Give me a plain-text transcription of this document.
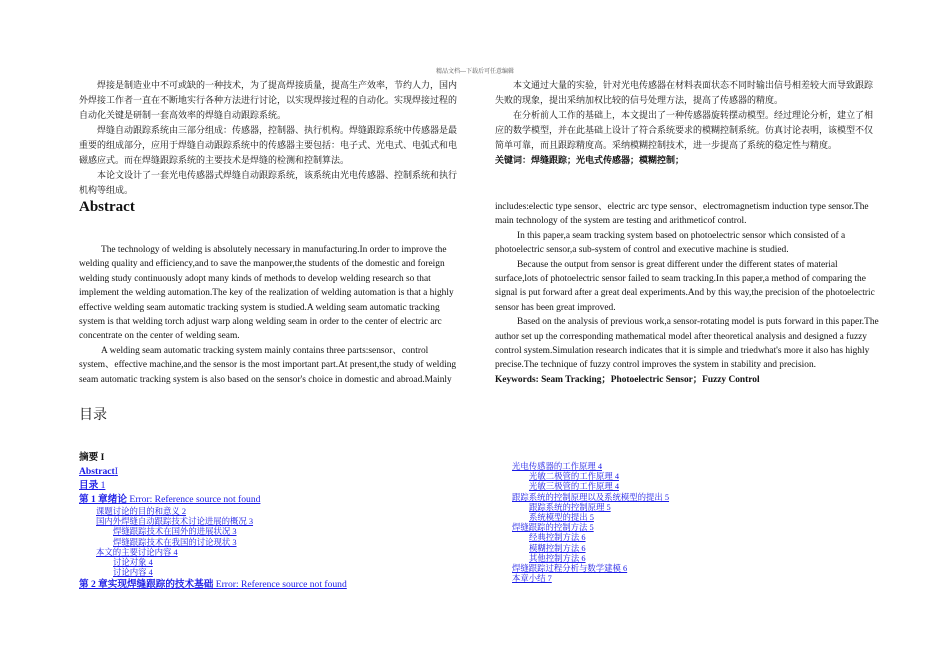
精品文档---下载后可任意编辑

焊接是制造业中不可或缺的一种技术，为了提高焊接质量，提高生产效率，节约人力，国内外焊接工作者一直在不断地实行各种方法进行讨论，以实现焊接过程的自动化。实现焊接过程的自动化关键是研制一套高效率的焊缝自动跟踪系统。

焊缝自动跟踪系统由三部分组成：传感器，控制器、执行机构。焊缝跟踪系统中传感器是最重要的组成部分，应用于焊缝自动跟踪系统中的传感器主要包括：电子式、光电式、电弧式和电磁感应式。而在焊缝跟踪系统的主要技术是焊缝的检测和控制算法。

本论文设计了一套光电传感器式焊缝自动跟踪系统，该系统由光电传感器、控制系统和执行机构等组成。

本文通过大量的实验，针对光电传感器在材料表面状态不同时输出信号相差较大而导致跟踪失败的现象，提出采纳加权比较的信号处理方法，提高了传感器的精度。

在分析前人工作的基础上，本文提出了一种传感器旋转摆动模型。经过理论分析，建立了相应的数学模型，并在此基础上设计了符合系统要求的模糊控制系统。仿真讨论表明，该模型不仅简单可靠，而且跟踪精度高。采纳模糊控制技术，进一步提高了系统的稳定性与精度。

关键词：焊缝跟踪；光电式传感器；模糊控制；

Abstract

The technology of welding is absolutely necessary in manufacturing.In order to improve the welding quality and efficiency,and to save the manpower,the students of the domestic and foreign welding study continuously adopt many kinds of methods to develop welding research so that implement the welding automation.The key of the realization of welding automation is that a highly effective welding seam automatic tracking system is studied.A welding seam automatic tracking system is that welding torch adjust warp along welding seam in order to the center of electric arc concentrate on the center of welding seam.

A welding seam automatic tracking system mainly contains three parts:sensor、control system、effective machine,and the sensor is the most important part.At present,the study of welding seam automatic tracking system is also based on the sensor's choice in domestic and abroad.Mainly

includes:electic type sensor、electric arc type sensor、electromagnetism induction type sensor.The main technology of the system are testing and arithmeticof control.

In this paper,a seam tracking system based on photoelectric sensor which consisted of a photoelectric sensor,a sub-system of control and executive machine is studied.

Because the output from sensor is great different under the different states of material surface,lots of photoelectric sensor failed to seam tracking.In this paper,a method of comparing the signal is put forward after a great deal experiments.And by this way,the precision of the photoelectric sensor has been great improved.

Based on the analysis of previous work,a sensor-rotating model is puts forward in this paper.The author set up the corresponding mathematical model after theoretical analysis and designed a fuzzy control system.Simulation research indicates that it is simple and triedwhat's more it also has highly precise.The technique of fuzzy control improves the system in stability and precision.

Keywords: Seam Tracking；Photoelectric Sensor；Fuzzy Control

目录
摘要 I
AbstractI
目录 1
第 1 章绪论 Error: Reference source not found
课题讨论的目的和意义 2
国内外焊缝自动跟踪技术讨论进展的概况 3
焊缝跟踪技术在国外的进展状况 3
焊缝跟踪技术在我国的讨论现状 3
本文的主要讨论内容 4
讨论对象 4
讨论内容 4
第 2 章实现焊缝跟踪的技术基础 Error: Reference source not found
光电传感器的工作原理 4
光敏二极管的工作原理 4
光敏三极管的工作原理 4
跟踪系统的控制原理以及系统模型的提出 5
跟踪系统的控制原理 5
系统模型的提出 5
焊缝跟踪的控制方法 5
经典控制方法 6
模糊控制方法 6
其他控制方法 6
焊缝跟踪过程分析与数学建模 6
本章小结 7
